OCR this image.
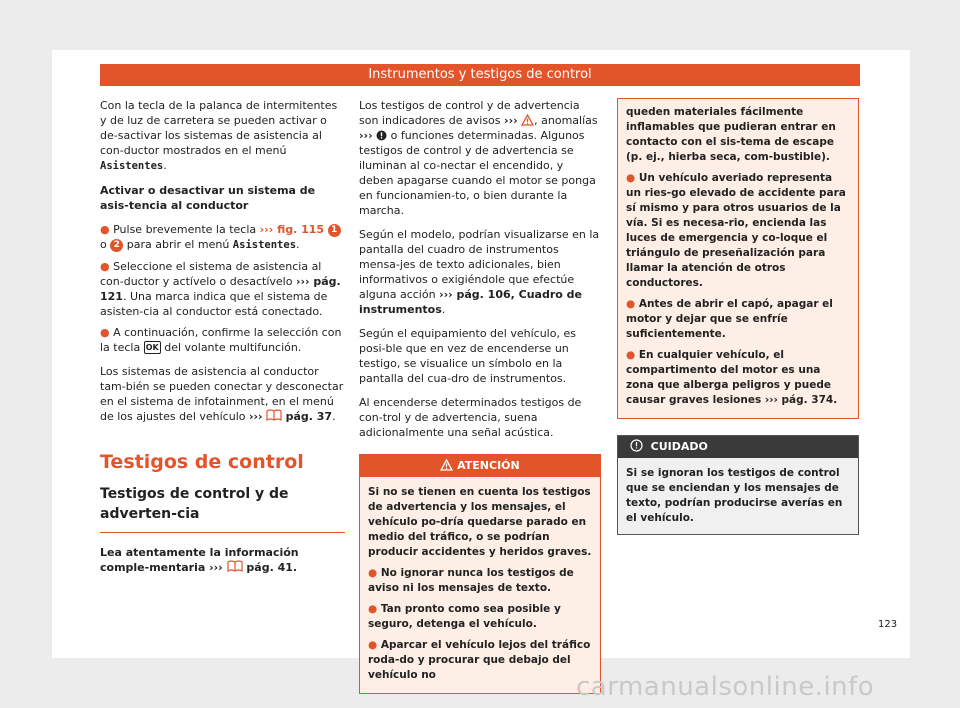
Instrumentos y testigos de control

Con la tecla de la palanca de intermitentes y de luz de carretera se pueden activar o de-sactivar los sistemas de asistencia al con-ductor mostrados en el menú Asistentes.

Activar o desactivar un sistema de asis-tencia al conductor

● Pulse brevemente la tecla ››› fig. 115 1 o 2 para abrir el menú Asistentes.

● Seleccione el sistema de asistencia al con-ductor y actívelo o desactívelo ››› pág. 121. Una marca indica que el sistema de asisten-cia al conductor está conectado.

● A continuación, confirme la selección con la tecla OK del volante multifunción.

Los sistemas de asistencia al conductor tam-bién se pueden conectar y desconectar en el sistema de infotainment, en el menú de los ajustes del vehículo ››› pág. 37.

Testigos de control
Testigos de control y de adverten-cia

Lea atentamente la información comple-mentaria ››› pág. 41.

Los testigos de control y de advertencia son indicadores de avisos ››› , anomalías ››› o funciones determinadas. Algunos testigos de control y de advertencia se iluminan al co-nectar el encendido, y deben apagarse cuando el motor se ponga en funcionamien-to, o bien durante la marcha.

Según el modelo, podrían visualizarse en la pantalla del cuadro de instrumentos mensa-jes de texto adicionales, bien informativos o exigiéndole que efectúe alguna acción ››› pág. 106, Cuadro de instrumentos.

Según el equipamiento del vehículo, es posi-ble que en vez de encenderse un testigo, se visualice un símbolo en la pantalla del cua-dro de instrumentos.

Al encenderse determinados testigos de con-trol y de advertencia, suena adicionalmente una señal acústica.

ATENCIÓN

Si no se tienen en cuenta los testigos de advertencia y los mensajes, el vehículo po-dría quedarse parado en medio del tráfico, o se podrían producir accidentes y heridos graves.

● No ignorar nunca los testigos de aviso ni los mensajes de texto.

● Tan pronto como sea posible y seguro, detenga el vehículo.

● Aparcar el vehículo lejos del tráfico roda-do y procurar que debajo del vehículo no

queden materiales fácilmente inflamables que pudieran entrar en contacto con el sis-tema de escape (p. ej., hierba seca, com-bustible).

● Un vehículo averiado representa un ries-go elevado de accidente para sí mismo y para otros usuarios de la vía. Si es necesa-rio, encienda las luces de emergencia y co-loque el triángulo de preseñalización para llamar la atención de otros conductores.

● Antes de abrir el capó, apagar el motor y dejar que se enfríe suficientemente.

● En cualquier vehículo, el compartimento del motor es una zona que alberga peligros y puede causar graves lesiones ››› pág. 374.

CUIDADO
Si se ignoran los testigos de control que se enciendan y los mensajes de texto, podrían producirse averías en el vehículo.
123
carmanualsonline.info
